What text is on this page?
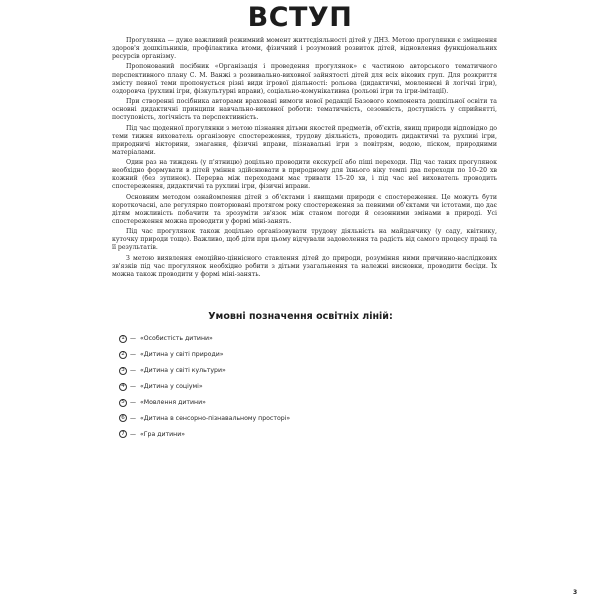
ВСТУП

Прогулянка — дуже важливий режимний момент життєдіяльності дітей у ДНЗ. Метою прогулянки є зміцнення здоров'я дошкільників, профілактика втоми, фізичний і розумовий розвиток дітей, відновлення функціональних ресурсів організму.

Пропонований посібник «Організація і проведення прогулянок» є частиною авторського тематичного перспективного плану С. М. Ванжі з розвивально-виховної зайнятості дітей для всіх вікових груп. Для розкриття змісту певної теми пропонується різні види ігрової діяльності: рольова (дидактичні, мовленнєві й логічні ігри), оздоровча (рухливі ігри, фізкультурні вправи), соціально-комунікативна (рольові ігри та ігри-імітації).

При створенні посібника авторами враховані вимоги нової редакції Базового компонента дошкільної освіти та основні дидактичні принципи навчально-виховної роботи: тематичність, сезонність, доступність у сприйнятті, поступовість, логічність та перспективність.

Під час щоденної прогулянки з метою пізнання дітьми якостей предметів, об'єктів, явищ природи відповідно до теми тижня вихователь організовує спостереження, трудову діяльність, проводить дидактичні та рухливі ігри, природничі вікторини, змагання, фізичні вправи, пізнавальні ігри з повітрям, водою, піском, природними матеріалами.

Один раз на тиждень (у п'ятницю) доцільно проводити екскурсії або піші переходи. Під час таких прогулянок необхідно формувати в дітей уміння здійснювати в природному для їхнього віку темпі два переходи по 10–20 хв кожний (без зупинок). Перерва між переходами має тривати 15–20 хв, і під час неї вихователь проводить спостереження, дидактичні та рухливі ігри, фізичні вправи.

Основним методом ознайомлення дітей з об'єктами і явищами природи є спостереження. Це можуть бути короткочасні, але регулярно повторювані протягом року спостереження за певними об'єктами чи істотами, що дає дітям можливість побачити та зрозуміти зв'язок між станом погоди й сезонними змінами в природі. Усі спостереження можна проводити у формі міні-занять.

Під час прогулянок також доцільно організовувати трудову діяльність на майданчику (у саду, квітнику, куточку природи тощо). Важливо, щоб діти при цьому відчували задоволення та радість від самого процесу праці та її результатів.

З метою виявлення емоційно-ціннісного ставлення дітей до природи, розуміння ними причинно-наслідкових зв'язків під час прогулянок необхідно робити з дітьми узагальнення та належні висновки, проводити бесіди. Їх можна також проводити у формі міні-занять.

Умовні позначення освітніх ліній:
1 — «Особистість дитини»
2 — «Дитина у світі природи»
3 — «Дитина у світі культури»
4 — «Дитина у соціумі»
5 — «Мовлення дитини»
6 — «Дитина в сенсорно-пізнавальному просторі»
7 — «Гра дитини»
3
